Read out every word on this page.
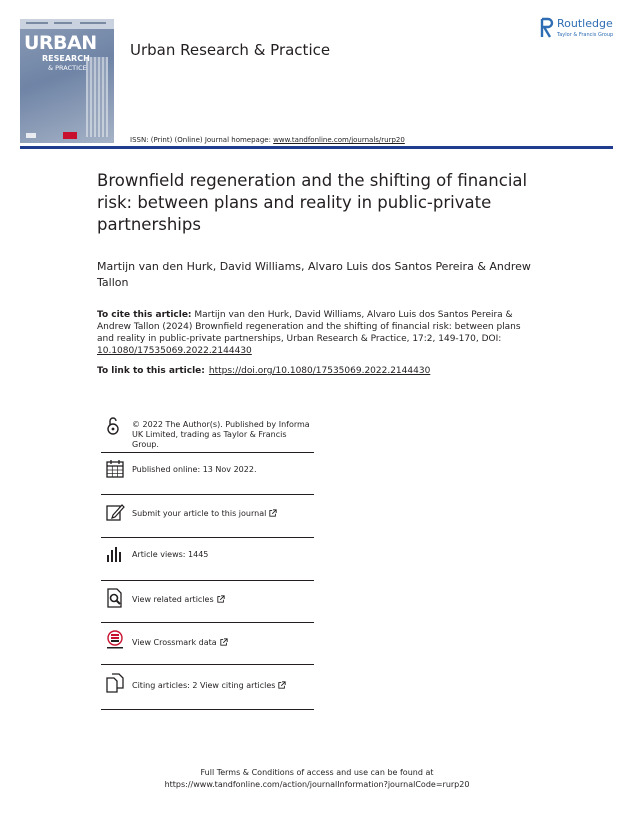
URBAN
RESEARCH
& PRACTICE
Urban Research & Practice
Routledge
Taylor & Francis Group
ISSN: (Print) (Online) Journal homepage: www.tandfonline.com/journals/rurp20
Brownfield regeneration and the shifting of financial risk: between plans and reality in public-private partnerships
Martijn van den Hurk, David Williams, Alvaro Luis dos Santos Pereira & Andrew Tallon
To cite this article: Martijn van den Hurk, David Williams, Alvaro Luis dos Santos Pereira & Andrew Tallon (2024) Brownfield regeneration and the shifting of financial risk: between plans and reality in public-private partnerships, Urban Research & Practice, 17:2, 149-170, DOI: 10.1080/17535069.2022.2144430
To link to this article: https://doi.org/10.1080/17535069.2022.2144430
© 2022 The Author(s). Published by Informa UK Limited, trading as Taylor & Francis Group.
Published online: 13 Nov 2022.
Submit your article to this journal
Article views: 1445
View related articles
View Crossmark data
Citing articles: 2 View citing articles
Full Terms & Conditions of access and use can be found at
https://www.tandfonline.com/action/journalInformation?journalCode=rurp20
